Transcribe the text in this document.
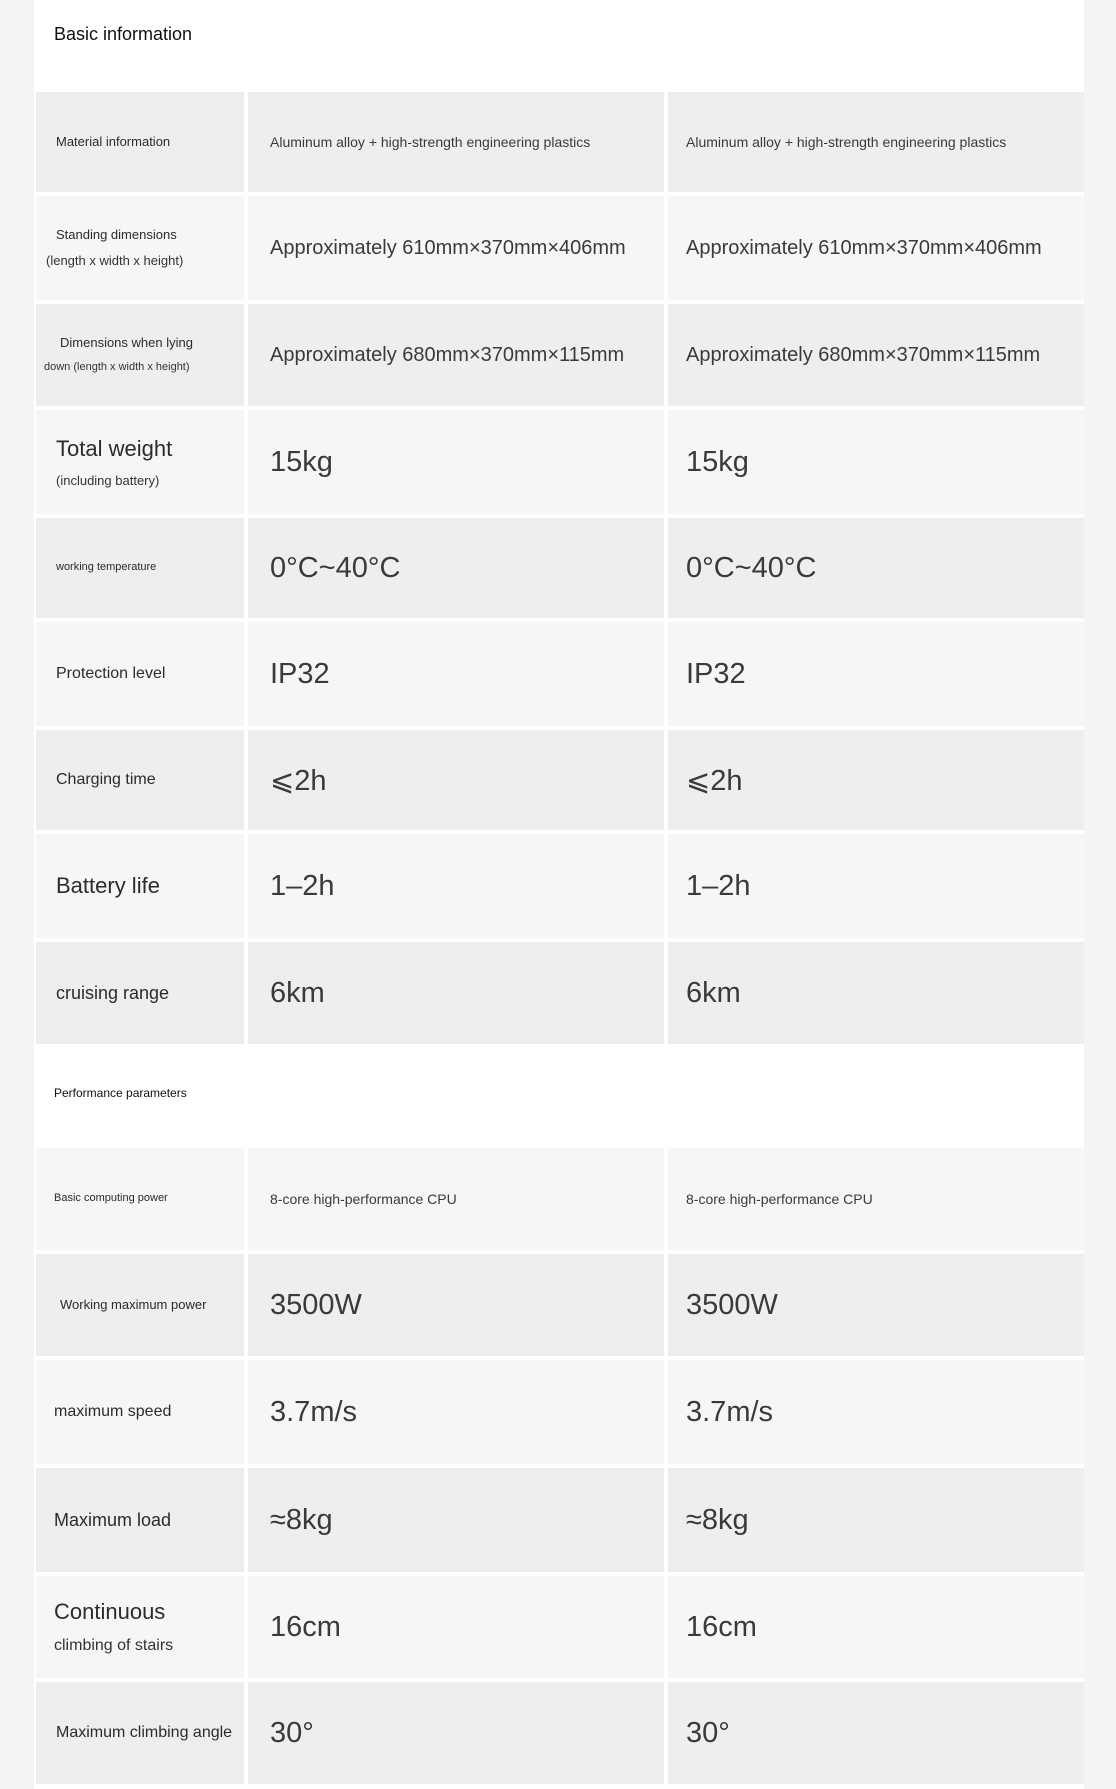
Basic information
Material information	Aluminum alloy + high-strength engineering plastics	Aluminum alloy + high-strength engineering plastics
Standing dimensions
(length x width x height)
Approximately 610mm×370mm×406mm	Approximately 610mm×370mm×406mm
Dimensions when lying
down (length x width x height)
Approximately 680mm×370mm×115mm	Approximately 680mm×370mm×115mm
Total weight
(including battery)
15kg	15kg
working temperature	0°C~40°C	0°C~40°C
Protection level	IP32	IP32
Charging time	⩽2h	⩽2h
Battery life	1–2h	1–2h
cruising range	6km	6km
Performance parameters
Basic computing power	8-core high-performance CPU	8-core high-performance CPU
Working maximum power	3500W	3500W
maximum speed	3.7m/s	3.7m/s
Maximum load	≈8kg	≈8kg
Continuous
climbing of stairs
16cm	16cm
Maximum climbing angle	30°	30°
